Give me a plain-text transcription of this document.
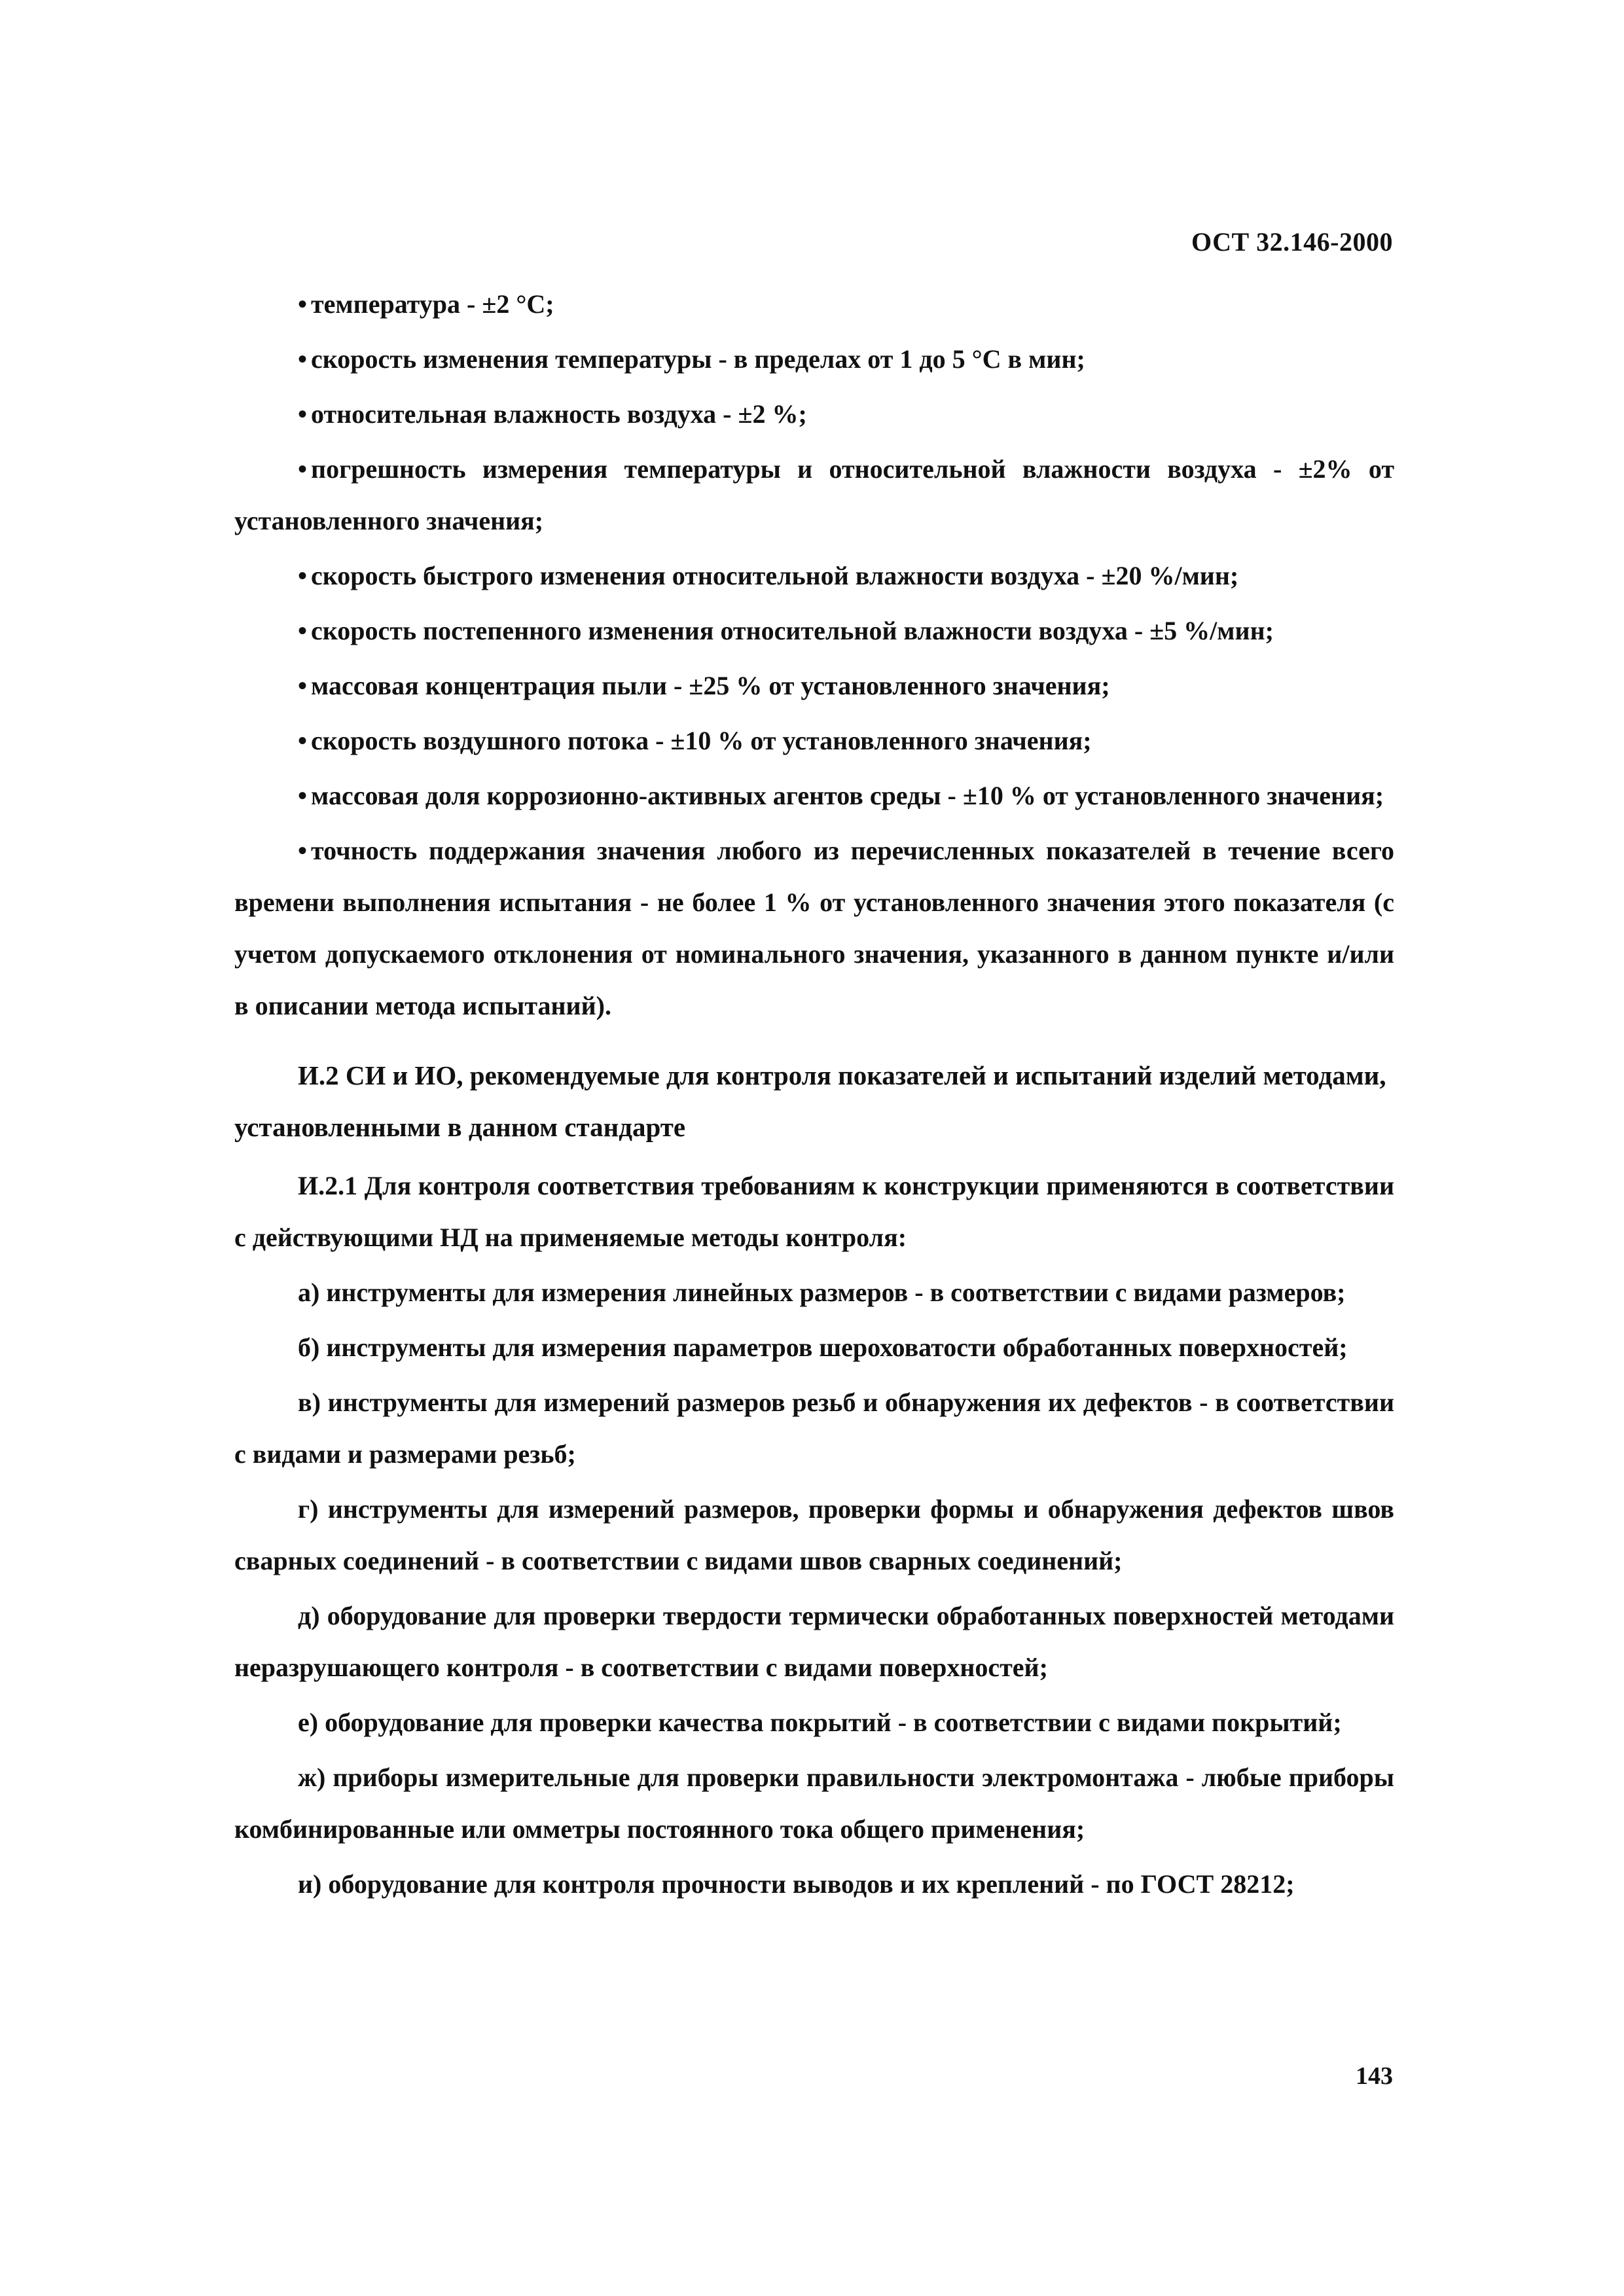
ОСТ 32.146-2000

• температура - ±2 °С;

• скорость изменения температуры - в пределах от 1 до 5 °С в мин;

• относительная влажность воздуха - ±2 %;

• погрешность измерения температуры и относительной влажности воздуха - ±2% от установленного значения;

• скорость быстрого изменения относительной влажности воздуха - ±20 %/мин;

• скорость постепенного изменения относительной влажности воздуха - ±5 %/мин;

• массовая концентрация пыли - ±25 % от установленного значения;

• скорость воздушного потока - ±10 % от установленного значения;

• массовая доля коррозионно-активных агентов среды - ±10 % от установленного значения;

• точность поддержания значения любого из перечисленных показателей в течение всего времени выполнения испытания - не более 1 % от установленного значения этого показателя (с учетом допускаемого отклонения от номинального значения, указанного в данном пункте и/или в описании метода испытаний).

И.2 СИ и ИО, рекомендуемые для контроля показателей и испытаний изделий методами, установленными в данном стандарте

И.2.1 Для контроля соответствия требованиям к конструкции применяются в соответствии с действующими НД на применяемые методы контроля:

а) инструменты для измерения линейных размеров - в соответствии с видами размеров;

б) инструменты для измерения параметров шероховатости обработанных поверхностей;

в) инструменты для измерений размеров резьб и обнаружения их дефектов - в соответствии с видами и размерами резьб;

г) инструменты для измерений размеров, проверки формы и обнаружения дефектов швов сварных соединений - в соответствии с видами швов сварных соединений;

д) оборудование для проверки твердости термически обработанных поверхностей методами неразрушающего контроля - в соответствии с видами поверхностей;

е) оборудование для проверки качества покрытий - в соответствии с видами покрытий;

ж) приборы измерительные для проверки правильности электромонтажа - любые приборы комбинированные или омметры постоянного тока общего применения;

и) оборудование для контроля прочности выводов и их креплений - по ГОСТ 28212;

143
